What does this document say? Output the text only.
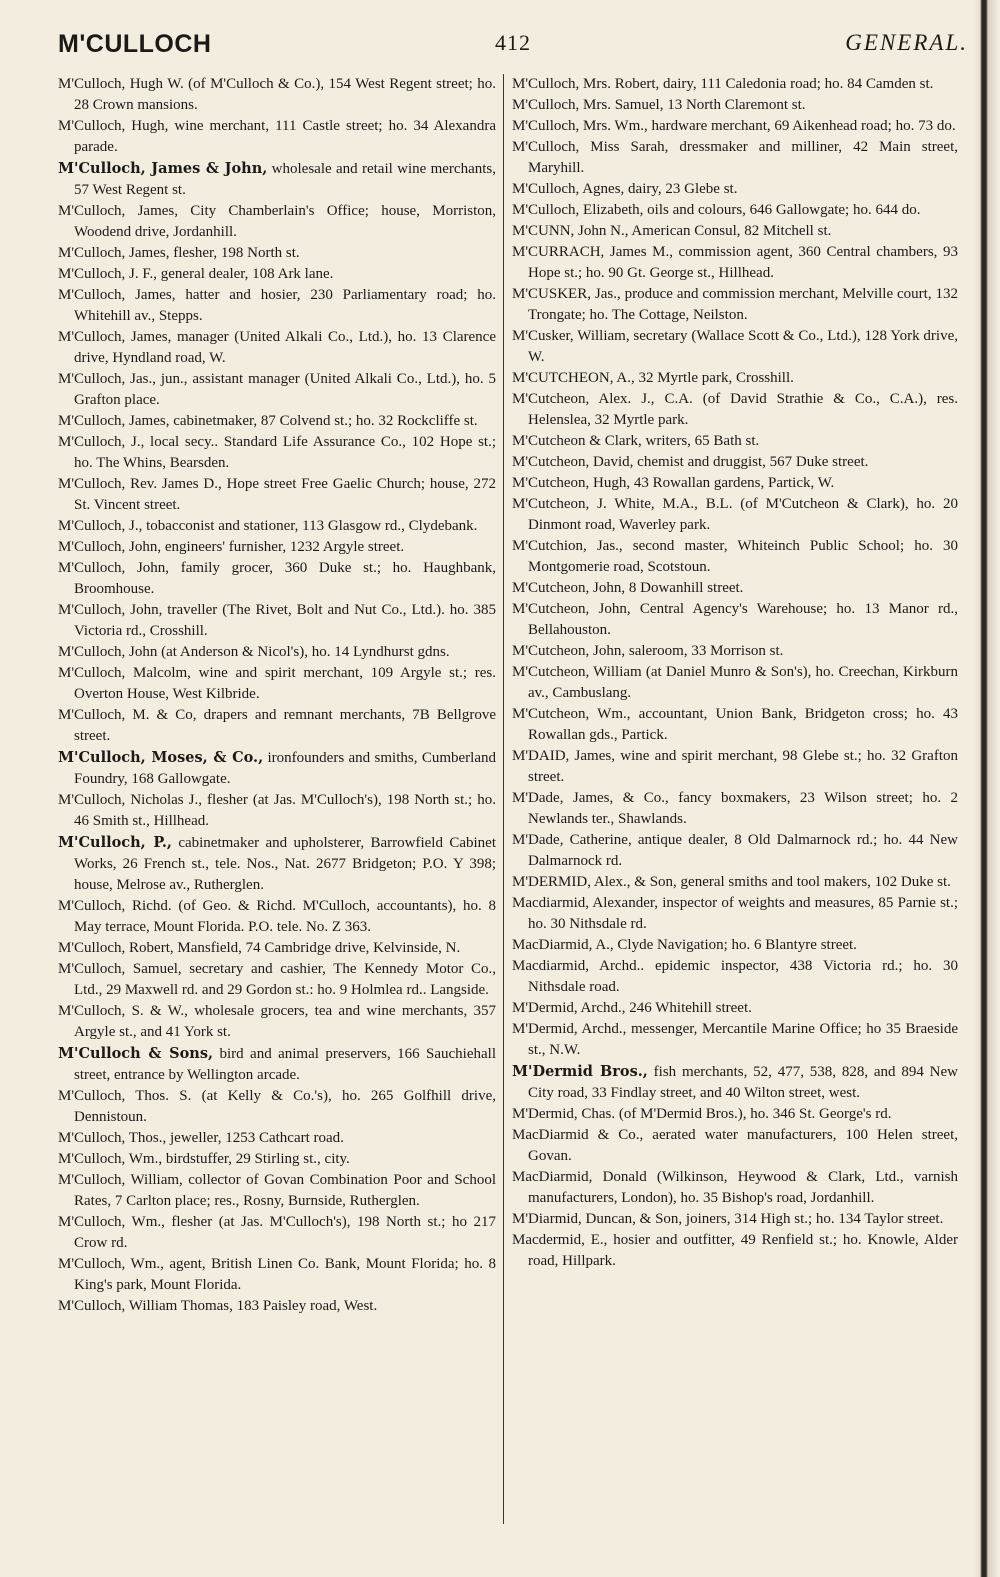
M'CULLOCH	412	GENERAL.

M'Culloch, Hugh W. (of M'Culloch & Co.), 154 West Regent street; ho. 28 Crown mansions.

M'Culloch, Hugh, wine merchant, 111 Castle street; ho. 34 Alexandra parade.

M'Culloch, James & John, wholesale and retail wine merchants, 57 West Regent st.

M'Culloch, James, City Chamberlain's Office; house, Morriston, Woodend drive, Jordanhill.

M'Culloch, James, flesher, 198 North st.

M'Culloch, J. F., general dealer, 108 Ark lane.

M'Culloch, James, hatter and hosier, 230 Parliamentary road; ho. Whitehill av., Stepps.

M'Culloch, James, manager (United Alkali Co., Ltd.), ho. 13 Clarence drive, Hyndland road, W.

M'Culloch, Jas., jun., assistant manager (United Alkali Co., Ltd.), ho. 5 Grafton place.

M'Culloch, James, cabinetmaker, 87 Colvend st.; ho. 32 Rockcliffe st.

M'Culloch, J., local secy.. Standard Life Assurance Co., 102 Hope st.; ho. The Whins, Bearsden.

M'Culloch, Rev. James D., Hope street Free Gaelic Church; house, 272 St. Vincent street.

M'Culloch, J., tobacconist and stationer, 113 Glasgow rd., Clydebank.

M'Culloch, John, engineers' furnisher, 1232 Argyle street.

M'Culloch, John, family grocer, 360 Duke st.; ho. Haughbank, Broomhouse.

M'Culloch, John, traveller (The Rivet, Bolt and Nut Co., Ltd.). ho. 385 Victoria rd., Crosshill.

M'Culloch, John (at Anderson & Nicol's), ho. 14 Lyndhurst gdns.

M'Culloch, Malcolm, wine and spirit merchant, 109 Argyle st.; res. Overton House, West Kilbride.

M'Culloch, M. & Co, drapers and remnant merchants, 7B Bellgrove street.

M'Culloch, Moses, & Co., ironfounders and smiths, Cumberland Foundry, 168 Gallowgate.

M'Culloch, Nicholas J., flesher (at Jas. M'Culloch's), 198 North st.; ho. 46 Smith st., Hillhead.

M'Culloch, P., cabinetmaker and upholsterer, Barrowfield Cabinet Works, 26 French st., tele. Nos., Nat. 2677 Bridgeton; P.O. Y 398; house, Melrose av., Rutherglen.

M'Culloch, Richd. (of Geo. & Richd. M'Culloch, accountants), ho. 8 May terrace, Mount Florida. P.O. tele. No. Z 363.

M'Culloch, Robert, Mansfield, 74 Cambridge drive, Kelvinside, N.

M'Culloch, Samuel, secretary and cashier, The Kennedy Motor Co., Ltd., 29 Maxwell rd. and 29 Gordon st.: ho. 9 Holmlea rd.. Langside.

M'Culloch, S. & W., wholesale grocers, tea and wine merchants, 357 Argyle st., and 41 York st.

M'Culloch & Sons, bird and animal preservers, 166 Sauchiehall street, entrance by Wellington arcade.

M'Culloch, Thos. S. (at Kelly & Co.'s), ho. 265 Golfhill drive, Dennistoun.

M'Culloch, Thos., jeweller, 1253 Cathcart road.

M'Culloch, Wm., birdstuffer, 29 Stirling st., city.

M'Culloch, William, collector of Govan Combination Poor and School Rates, 7 Carlton place; res., Rosny, Burnside, Rutherglen.

M'Culloch, Wm., flesher (at Jas. M'Culloch's), 198 North st.; ho 217 Crow rd.

M'Culloch, Wm., agent, British Linen Co. Bank, Mount Florida; ho. 8 King's park, Mount Florida.

M'Culloch, William Thomas, 183 Paisley road, West.

M'Culloch, Mrs. Robert, dairy, 111 Caledonia road; ho. 84 Camden st.

M'Culloch, Mrs. Samuel, 13 North Claremont st.

M'Culloch, Mrs. Wm., hardware merchant, 69 Aikenhead road; ho. 73 do.

M'Culloch, Miss Sarah, dressmaker and milliner, 42 Main street, Maryhill.

M'Culloch, Agnes, dairy, 23 Glebe st.

M'Culloch, Elizabeth, oils and colours, 646 Gallowgate; ho. 644 do.

M'CUNN, John N., American Consul, 82 Mitchell st.

M'CURRACH, James M., commission agent, 360 Central chambers, 93 Hope st.; ho. 90 Gt. George st., Hillhead.

M'CUSKER, Jas., produce and commission merchant, Melville court, 132 Trongate; ho. The Cottage, Neilston.

M'Cusker, William, secretary (Wallace Scott & Co., Ltd.), 128 York drive, W.

M'CUTCHEON, A., 32 Myrtle park, Crosshill.

M'Cutcheon, Alex. J., C.A. (of David Strathie & Co., C.A.), res. Helenslea, 32 Myrtle park.

M'Cutcheon & Clark, writers, 65 Bath st.

M'Cutcheon, David, chemist and druggist, 567 Duke street.

M'Cutcheon, Hugh, 43 Rowallan gardens, Partick, W.

M'Cutcheon, J. White, M.A., B.L. (of M'Cutcheon & Clark), ho. 20 Dinmont road, Waverley park.

M'Cutchion, Jas., second master, Whiteinch Public School; ho. 30 Montgomerie road, Scotstoun.

M'Cutcheon, John, 8 Dowanhill street.

M'Cutcheon, John, Central Agency's Warehouse; ho. 13 Manor rd., Bellahouston.

M'Cutcheon, John, saleroom, 33 Morrison st.

M'Cutcheon, William (at Daniel Munro & Son's), ho. Creechan, Kirkburn av., Cambuslang.

M'Cutcheon, Wm., accountant, Union Bank, Bridgeton cross; ho. 43 Rowallan gds., Partick.

M'DAID, James, wine and spirit merchant, 98 Glebe st.; ho. 32 Grafton street.

M'Dade, James, & Co., fancy boxmakers, 23 Wilson street; ho. 2 Newlands ter., Shawlands.

M'Dade, Catherine, antique dealer, 8 Old Dalmarnock rd.; ho. 44 New Dalmarnock rd.

M'DERMID, Alex., & Son, general smiths and tool makers, 102 Duke st.

Macdiarmid, Alexander, inspector of weights and measures, 85 Parnie st.; ho. 30 Nithsdale rd.

MacDiarmid, A., Clyde Navigation; ho. 6 Blantyre street.

Macdiarmid, Archd.. epidemic inspector, 438 Victoria rd.; ho. 30 Nithsdale road.

M'Dermid, Archd., 246 Whitehill street.

M'Dermid, Archd., messenger, Mercantile Marine Office; ho 35 Braeside st., N.W.

M'Dermid Bros., fish merchants, 52, 477, 538, 828, and 894 New City road, 33 Findlay street, and 40 Wilton street, west.

M'Dermid, Chas. (of M'Dermid Bros.), ho. 346 St. George's rd.

MacDiarmid & Co., aerated water manufacturers, 100 Helen street, Govan.

MacDiarmid, Donald (Wilkinson, Heywood & Clark, Ltd., varnish manufacturers, London), ho. 35 Bishop's road, Jordanhill.

M'Diarmid, Duncan, & Son, joiners, 314 High st.; ho. 134 Taylor street.

Macdermid, E., hosier and outfitter, 49 Renfield st.; ho. Knowle, Alder road, Hillpark.
